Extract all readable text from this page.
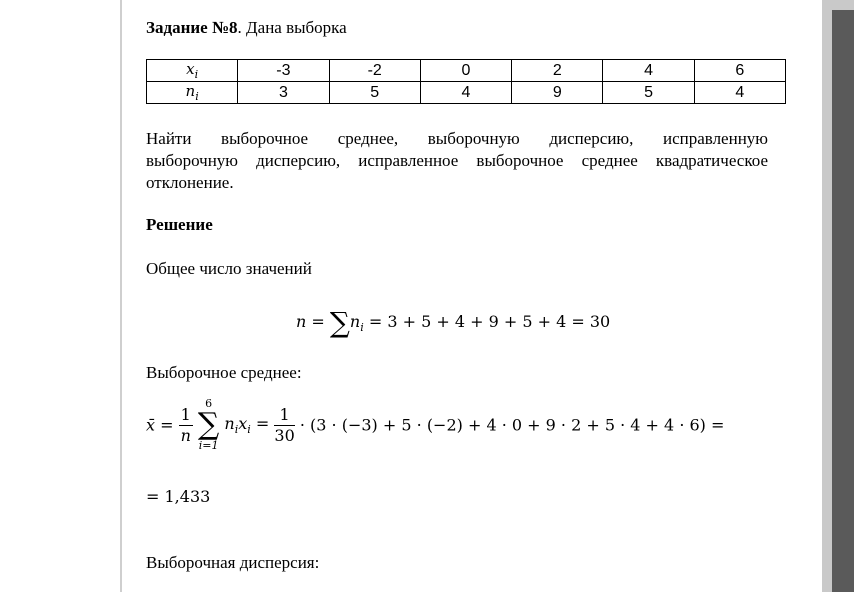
Задание №8. Дана выборка

$x_i$	-3	-2	0	2	4	6
$n_i$	3	5	4	9	5	4

Найти выборочное среднее, выборочную дисперсию, исправленную
выборочную дисперсию, исправленное выборочное среднее квадратическое
отклонение.

Решение

Общее число значений

$n = \sum n_i = 3 + 5 + 4 + 9 + 5 + 4 = 30$

Выборочное среднее:

x̄ = $\frac{1}{n}$

6
∑
i=1
$n_ix_i = \frac{1}{30} \cdot (3 \cdot (-3) + 5 \cdot (-2) + 4 \cdot 0 + 9 \cdot 2 + 5 \cdot 4 + 4 \cdot 6)$ =
= 1,433

Выборочная дисперсия:
